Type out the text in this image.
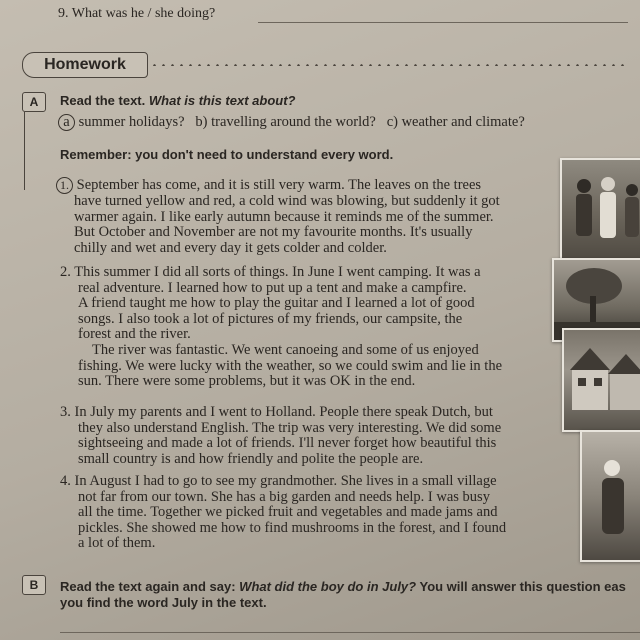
9. What was he / she doing?
Homework
A	Read the text. What is this text about?
a summer holidays? b) travelling around the world? c) weather and climate?
Remember: you don't need to understand every word.
1. September has come, and it is still very warm. The leaves on the trees
have turned yellow and red, a cold wind was blowing, but suddenly it got
warmer again. I like early autumn because it reminds me of the summer.
But October and November are not my favourite months. It's usually
chilly and wet and every day it gets colder and colder.
2. This summer I did all sorts of things. In June I went camping. It was a
real adventure. I learned how to put up a tent and make a campfire.
A friend taught me how to play the guitar and I learned a lot of good
songs. I also took a lot of pictures of my friends, our campsite, the
forest and the river.
The river was fantastic. We went canoeing and some of us enjoyed
fishing. We were lucky with the weather, so we could swim and lie in the
sun. There were some problems, but it was OK in the end.
3. In July my parents and I went to Holland. People there speak Dutch, but
they also understand English. The trip was very interesting. We did some
sightseeing and made a lot of friends. I'll never forget how beautiful this
small country is and how friendly and polite the people are.
4. In August I had to go to see my grandmother. She lives in a small village
not far from our town. She has a big garden and needs help. I was busy
all the time. Together we picked fruit and vegetables and made jams and
pickles. She showed me how to find mushrooms in the forest, and I found
a lot of them.
B	Read the text again and say: What did the boy do in July? You will answer this question eas
you find the word July in the text.
